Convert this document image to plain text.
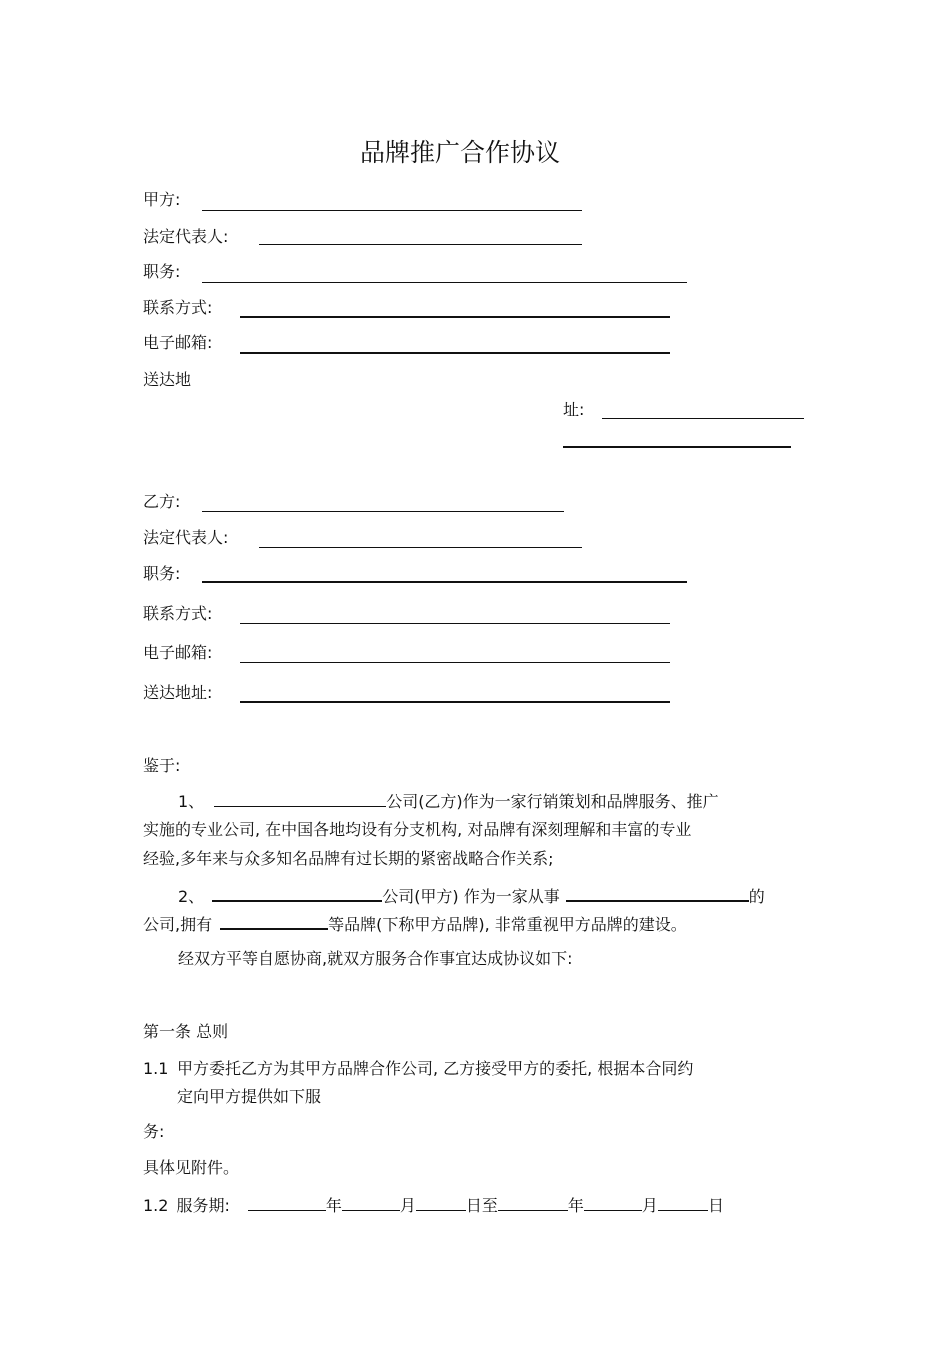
品牌推广合作协议
甲方:
法定代表人:
职务:
联系方式:
电子邮箱:
送达地
址:
乙方:
法定代表人:
职务:
联系方式:
电子邮箱:
送达地址:
鉴于:
1、	公司(乙方)作为一家行销策划和品牌服务、推广
实施的专业公司, 在中国各地均设有分支机构, 对品牌有深刻理解和丰富的专业
经验,多年来与众多知名品牌有过长期的紧密战略合作关系;
2、	公司(甲方) 作为一家从事	的
公司,拥有	等品牌(下称甲方品牌), 非常重视甲方品牌的建设。
经双方平等自愿协商,就双方服务合作事宜达成协议如下:
第一条 总则
1.1 甲方委托乙方为其甲方品牌合作公司, 乙方接受甲方的委托, 根据本合同约
定向甲方提供如下服
务:
具体见附件。
1.2 服务期:	年	月	日至	年	月	日
